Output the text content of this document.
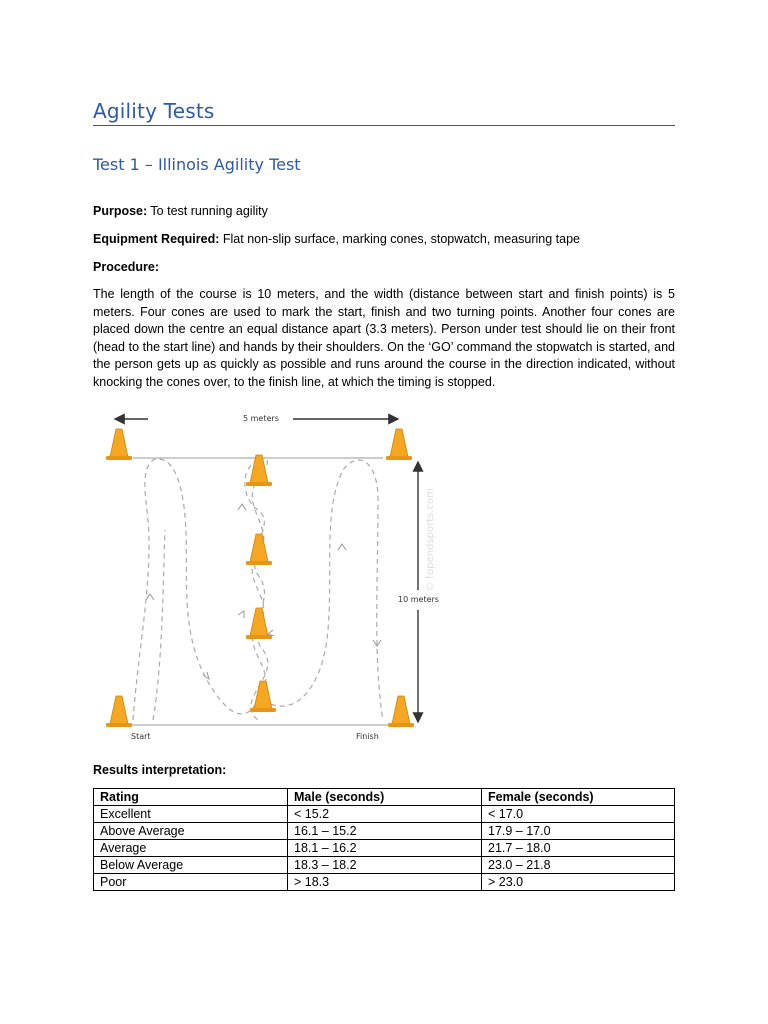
Agility Tests
Test 1 – Illinois Agility Test
Purpose: To test running agility
Equipment Required: Flat non-slip surface, marking cones, stopwatch, measuring tape
Procedure:
The length of the course is 10 meters, and the width (distance between start and finish points) is 5 meters. Four cones are used to mark the start, finish and two turning points. Another four cones are placed down the centre an equal distance apart (3.3 meters). Person under test should lie on their front (head to the start line) and hands by their shoulders. On the ‘GO’ command the stopwatch is started, and the person gets up as quickly as possible and runs around the course in the direction indicated, without knocking the cones over, to the finish line, at which the timing is stopped.
5 meters
10 meters
© topendsports.com
Start	Finish
Results interpretation:
Rating	Male (seconds)	Female (seconds)
Excellent	< 15.2	< 17.0
Above Average	16.1 – 15.2	17.9 – 17.0
Average	18.1 – 16.2	21.7 – 18.0
Below Average	18.3 – 18.2	23.0 – 21.8
Poor	> 18.3	> 23.0
